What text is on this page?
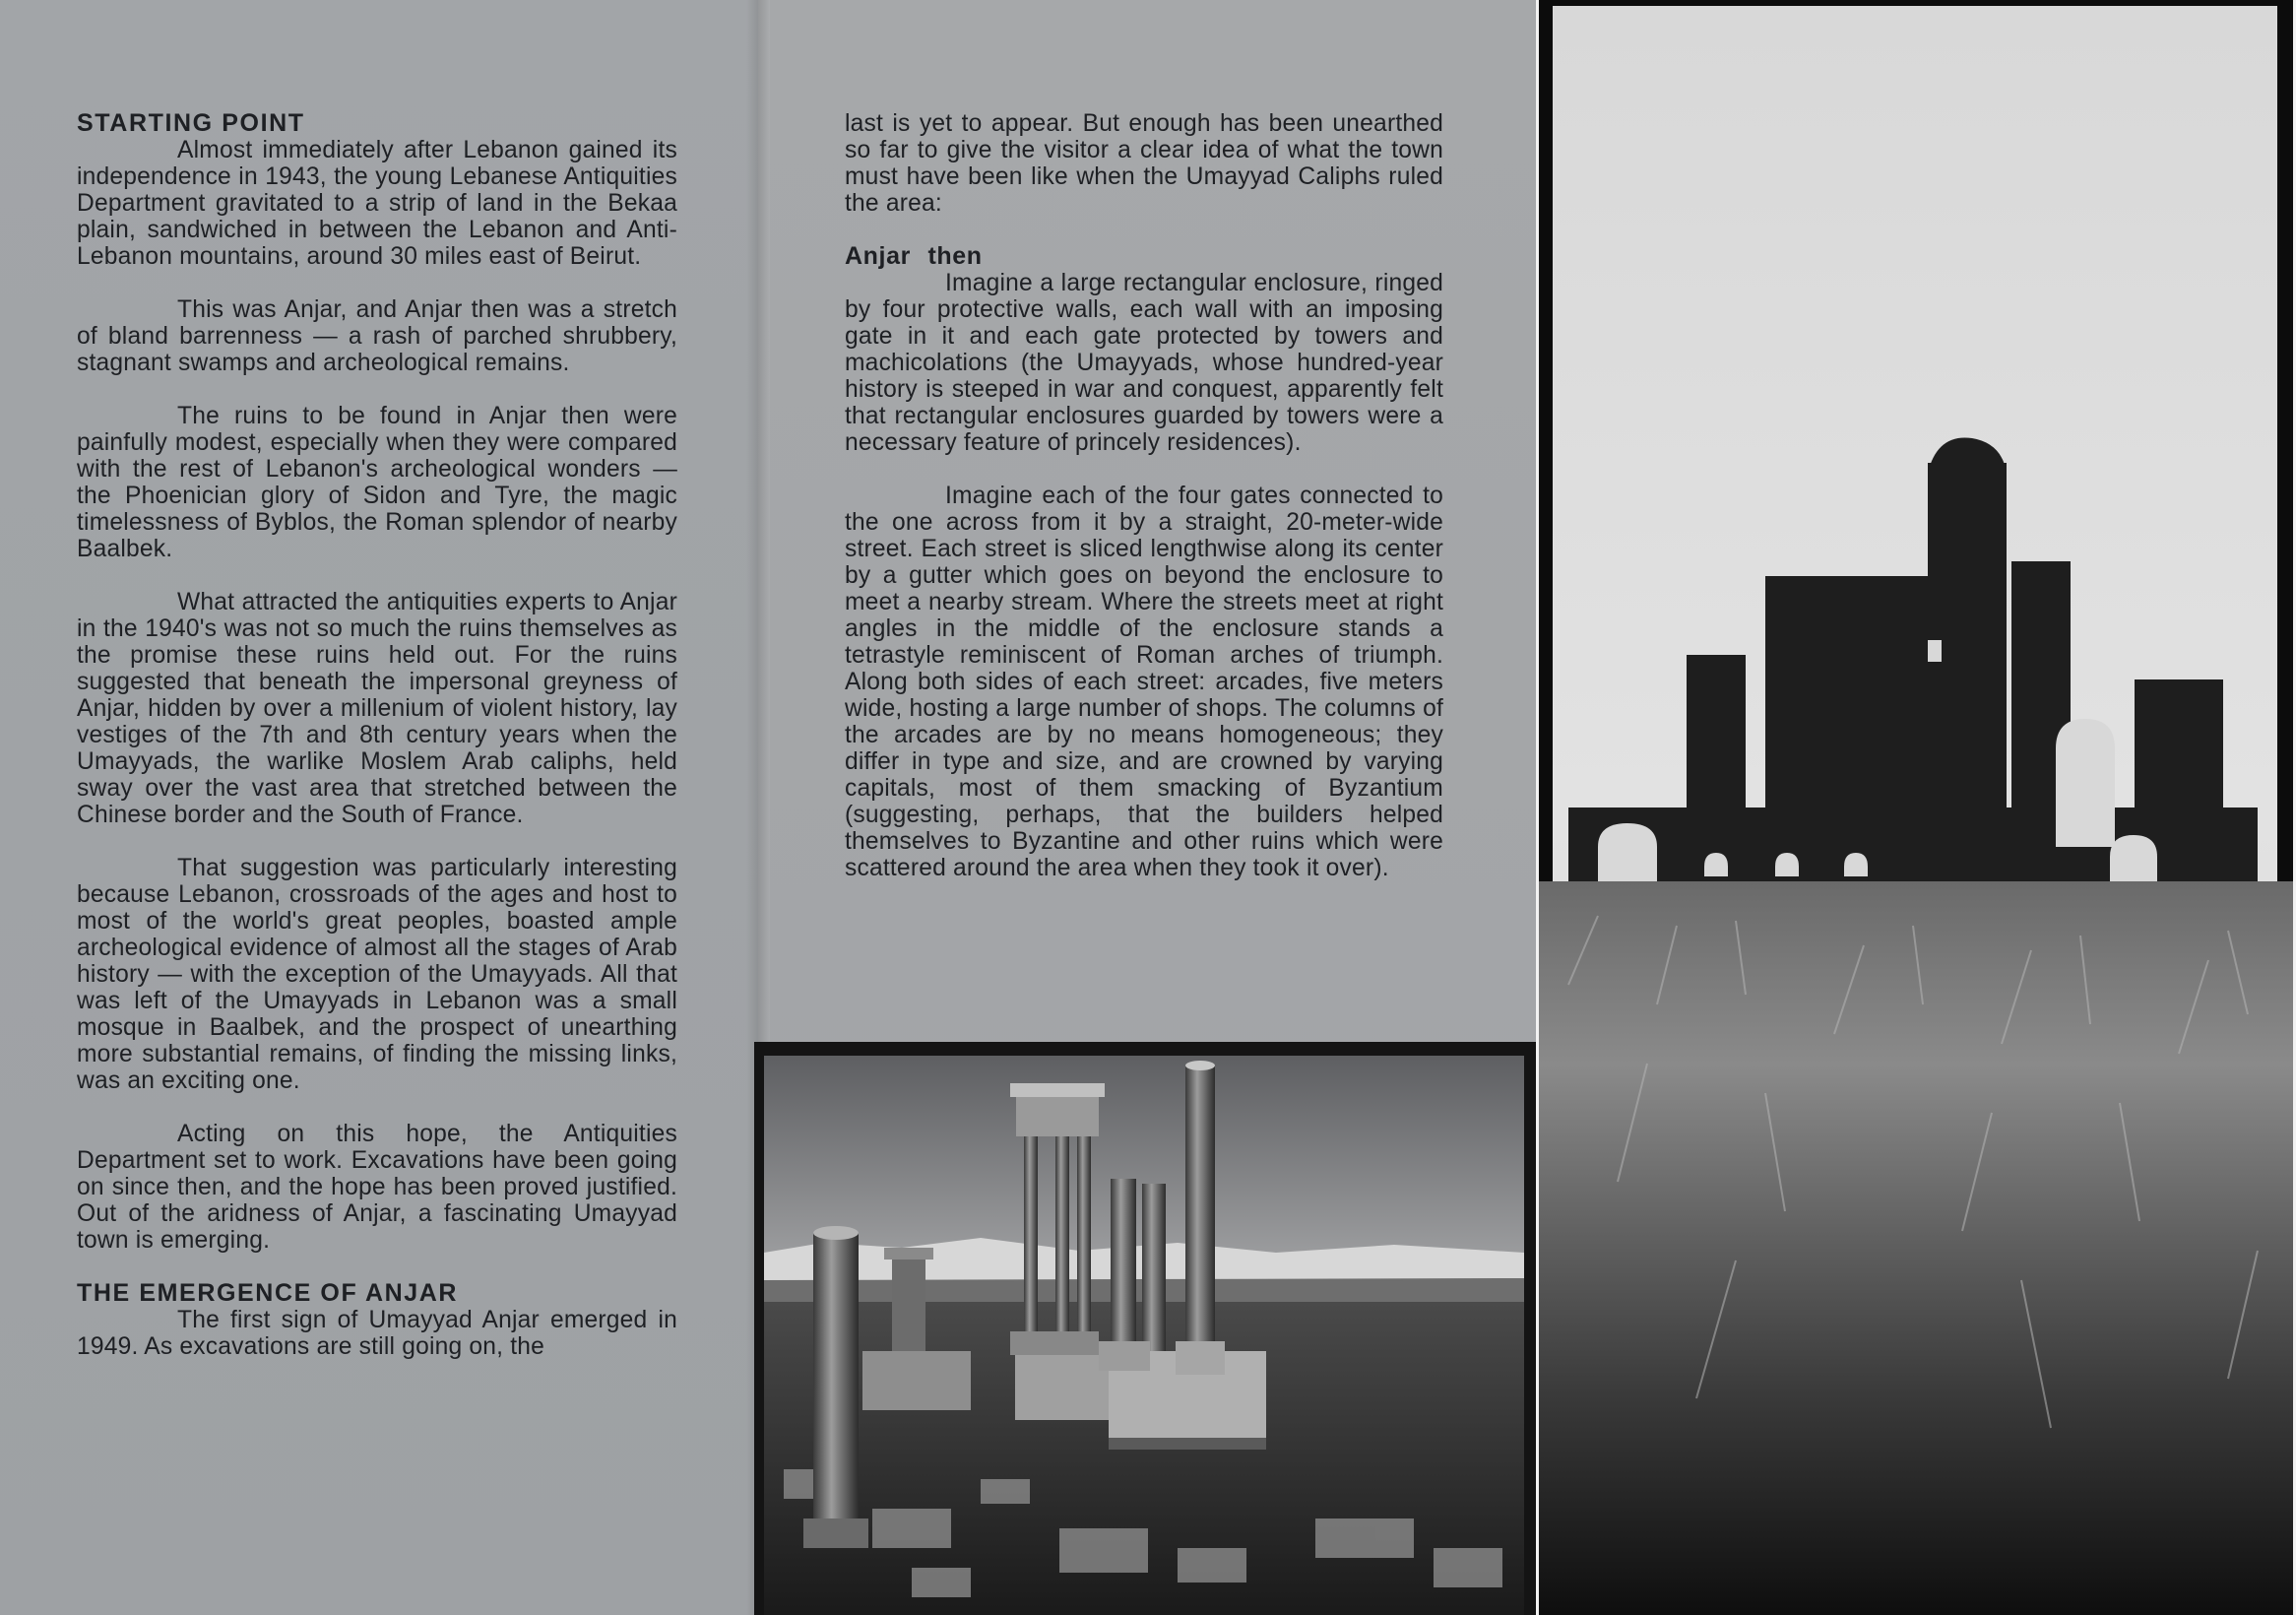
STARTING POINT

Almost immediately after Lebanon gained its independence in 1943, the young Lebanese Antiquities Department gravitated to a strip of land in the Bekaa plain, sandwiched in between the Lebanon and Anti-Lebanon mountains, around 30 miles east of Beirut.

This was Anjar, and Anjar then was a stretch of bland barrenness — a rash of parched shrubbery, stagnant swamps and archeological remains.

The ruins to be found in Anjar then were painfully modest, especially when they were compared with the rest of Lebanon's archeological wonders — the Phoenician glory of Sidon and Tyre, the magic timelessness of Byblos, the Roman splendor of nearby Baalbek.

What attracted the antiquities experts to Anjar in the 1940's was not so much the ruins themselves as the promise these ruins held out. For the ruins suggested that beneath the impersonal greyness of Anjar, hidden by over a millenium of violent history, lay vestiges of the 7th and 8th century years when the Umayyads, the warlike Moslem Arab caliphs, held sway over the vast area that stretched between the Chinese border and the South of France.

That suggestion was particularly interesting because Lebanon, crossroads of the ages and host to most of the world's great peoples, boasted ample archeological evidence of almost all the stages of Arab history — with the exception of the Umayyads. All that was left of the Umayyads in Lebanon was a small mosque in Baalbek, and the prospect of unearthing more substantial remains, of finding the missing links, was an exciting one.

Acting on this hope, the Antiquities Department set to work. Excavations have been going on since then, and the hope has been proved justified. Out of the aridness of Anjar, a fascinating Umayyad town is emerging.

THE EMERGENCE OF ANJAR

The first sign of Umayyad Anjar emerged in 1949. As excavations are still going on, the

last is yet to appear. But enough has been unearthed so far to give the visitor a clear idea of what the town must have been like when the Umayyad Caliphs ruled the area:

Anjar then

Imagine a large rectangular enclosure, ringed by four protective walls, each wall with an imposing gate in it and each gate protected by towers and machicolations (the Umayyads, whose hundred-year history is steeped in war and conquest, apparently felt that rectangular enclosures guarded by towers were a necessary feature of princely residences).

Imagine each of the four gates connected to the one across from it by a straight, 20-meter-wide street. Each street is sliced lengthwise along its center by a gutter which goes on beyond the enclosure to meet a nearby stream. Where the streets meet at right angles in the middle of the enclosure stands a tetrastyle reminiscent of Roman arches of triumph. Along both sides of each street: arcades, five meters wide, hosting a large number of shops. The columns of the arcades are by no means homogeneous; they differ in type and size, and are crowned by varying capitals, most of them smacking of Byzantium (suggesting, perhaps, that the builders helped themselves to Byzantine and other ruins which were scattered around the area when they took it over).
